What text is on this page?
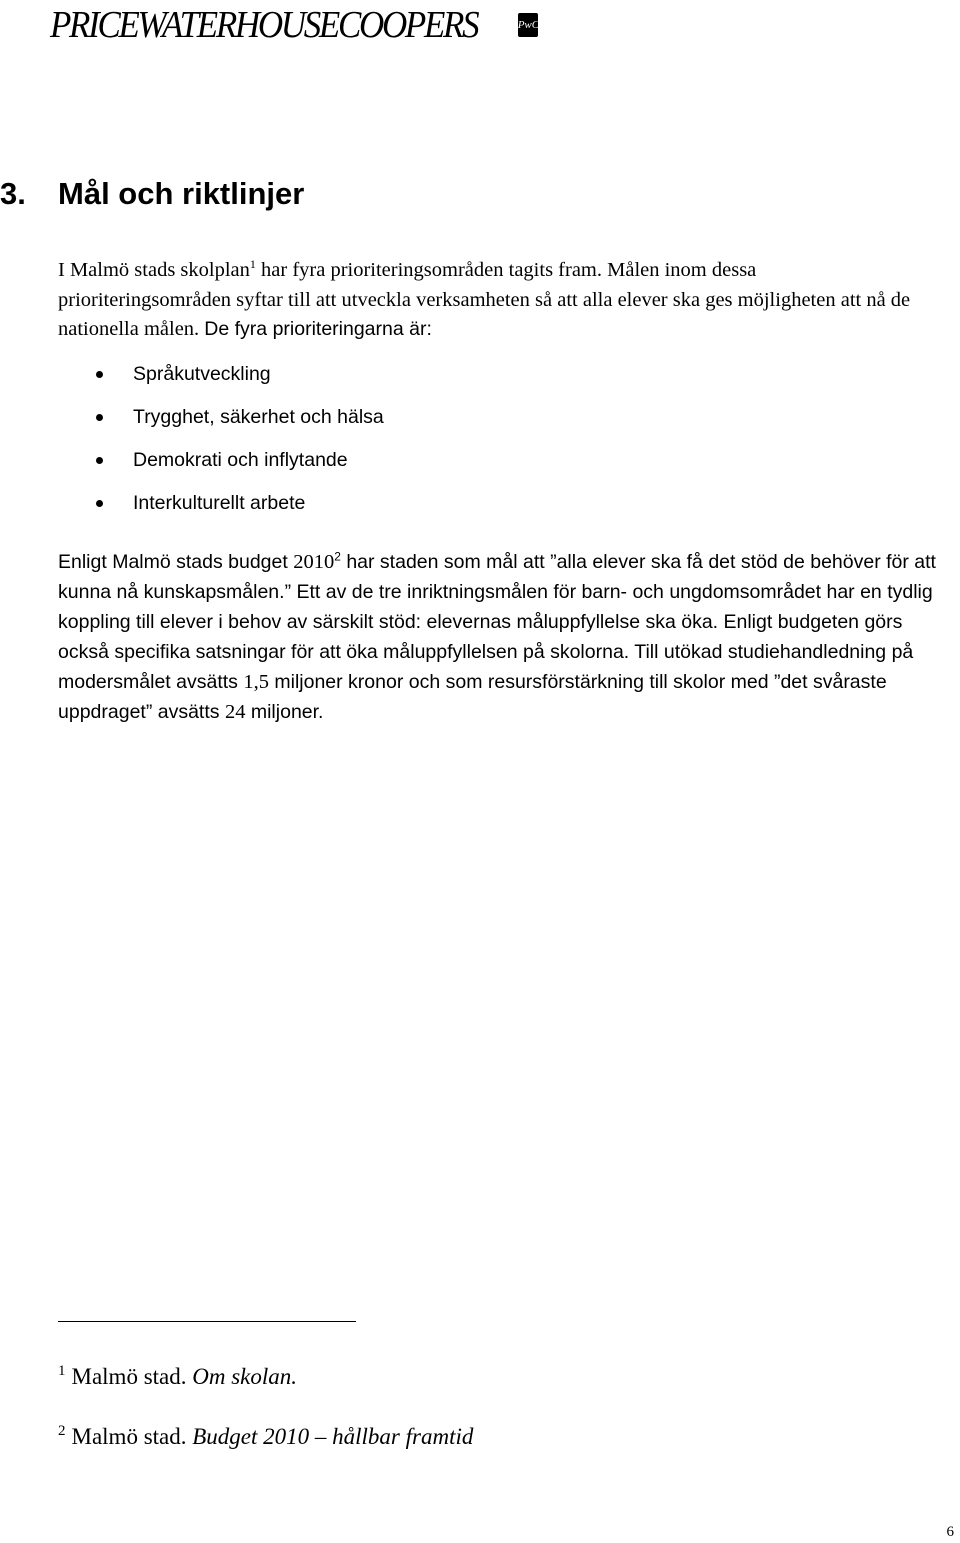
PRICEWATERHOUSECOOPERS	PwC
3. Mål och riktlinjer

I Malmö stads skolplan$^1$ har fyra prioriteringsområden tagits fram. Målen inom dessa prioriteringsområden syftar till att utveckla verksamheten så att alla elever ska ges möjligheten att nå de nationella målen. De fyra prioriteringarna är:

Språkutveckling
Trygghet, säkerhet och hälsa
Demokrati och inflytande
Interkulturellt arbete

Enligt Malmö stads budget 2010$^2$ har staden som mål att ”alla elever ska få det stöd de behöver för att kunna nå kunskapsmålen.” Ett av de tre inriktningsmålen för barn- och ungdomsområdet har en tydlig koppling till elever i behov av särskilt stöd: elevernas måluppfyllelse ska öka. Enligt budgeten görs också specifika satsningar för att öka måluppfyllelsen på skolorna. Till utökad studiehandledning på modersmålet avsätts 1,5 miljoner kronor och som resursförstärkning till skolor med ”det svåraste uppdraget” avsätts 24 miljoner.

$^1$ Malmö stad. Om skolan.
$^2$ Malmö stad. Budget 2010 – hållbar framtid
6
